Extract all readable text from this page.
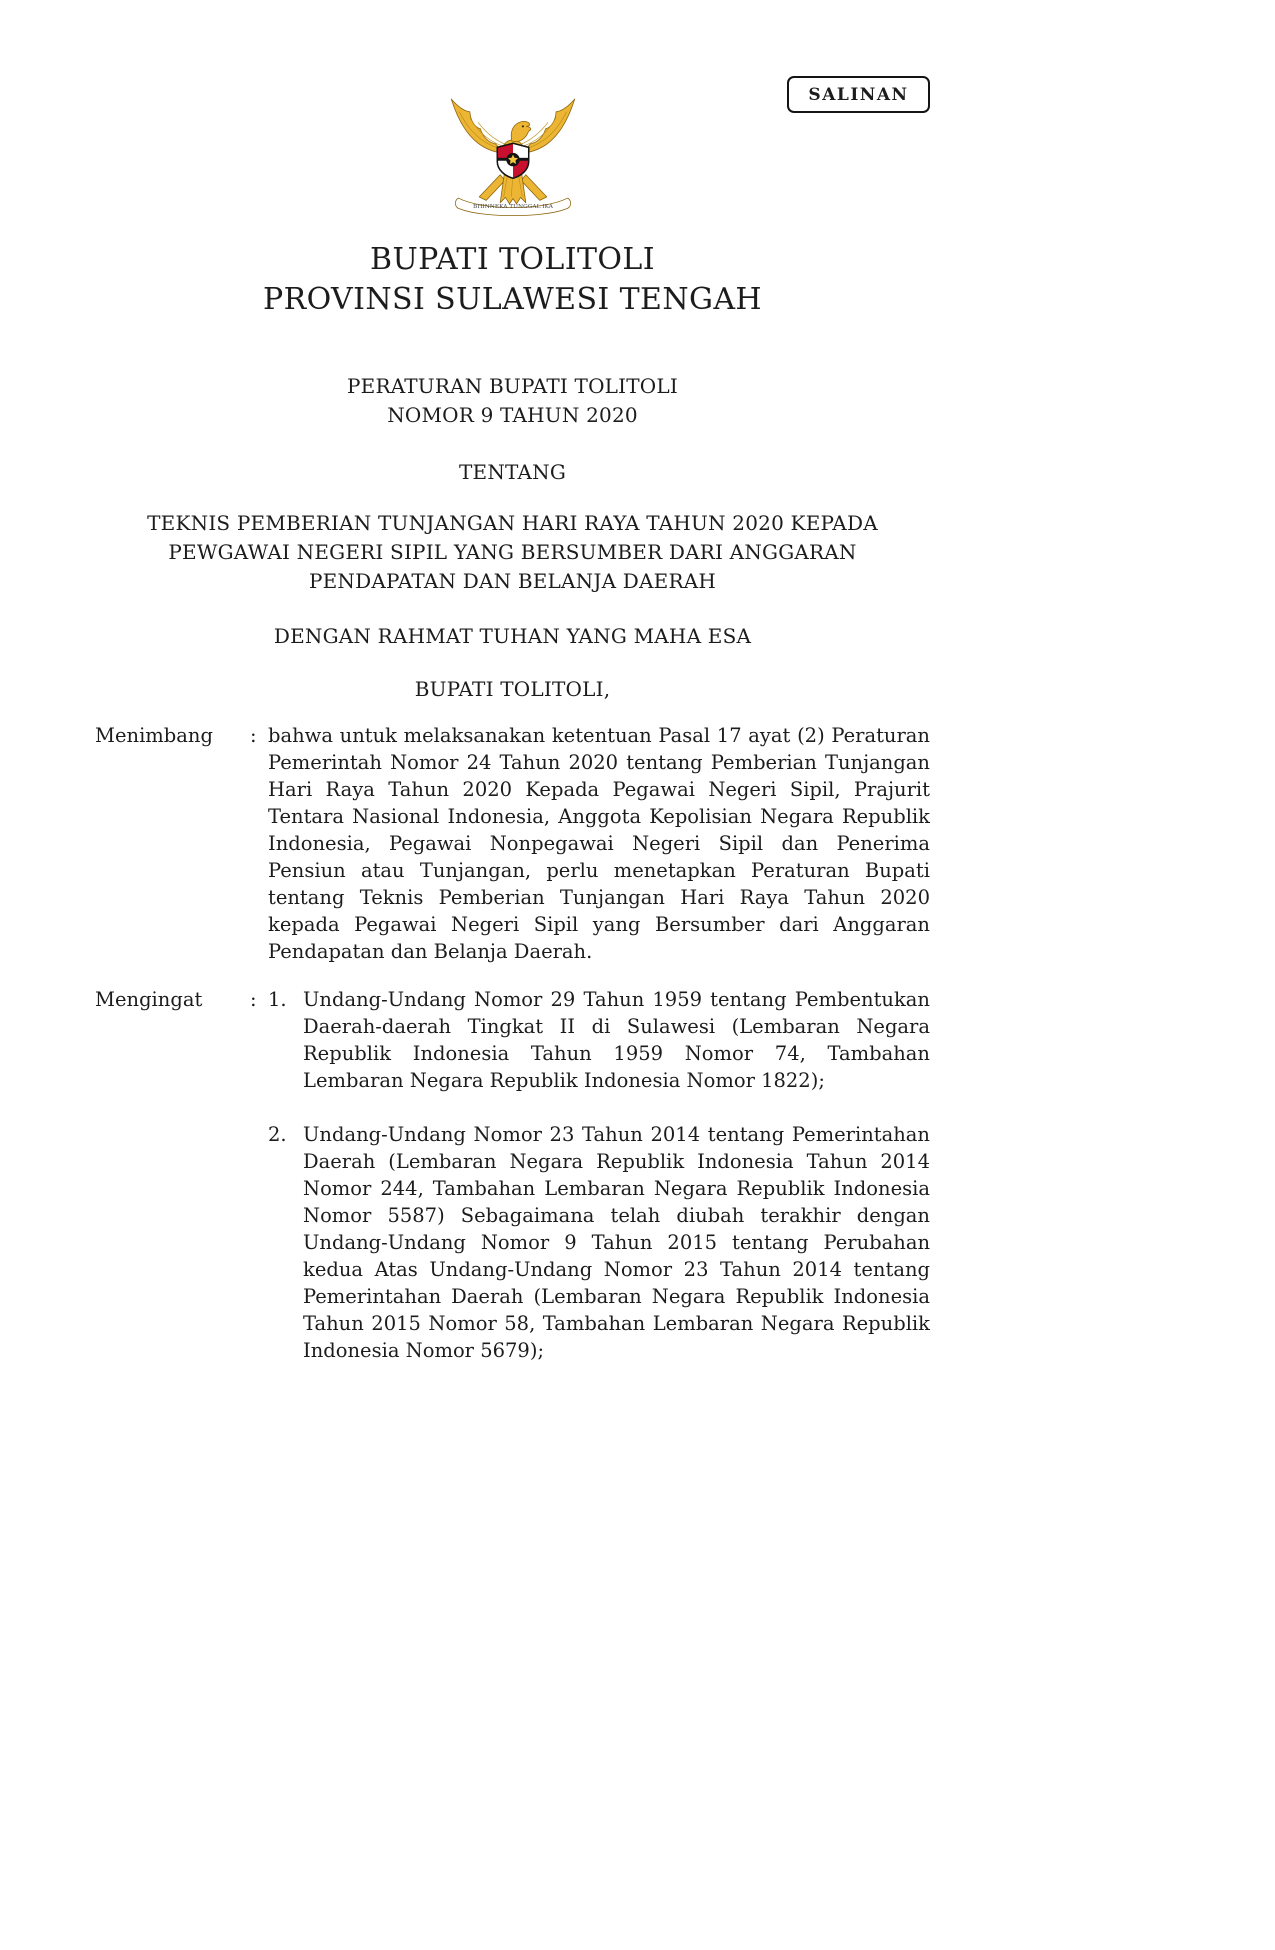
SALINAN
BHINNEKA TUNGGAL IKA
BUPATI TOLITOLI
PROVINSI SULAWESI TENGAH
PERATURAN BUPATI TOLITOLI
NOMOR 9 TAHUN 2020
TENTANG
TEKNIS PEMBERIAN TUNJANGAN HARI RAYA TAHUN 2020 KEPADA
PEWGAWAI NEGERI SIPIL YANG BERSUMBER DARI ANGGARAN
PENDAPATAN DAN BELANJA DAERAH
DENGAN RAHMAT TUHAN YANG MAHA ESA
BUPATI TOLITOLI,
Menimbang	: bahwa untuk melaksanakan ketentuan Pasal 17 ayat (2) Peraturan Pemerintah Nomor 24 Tahun 2020 tentang Pemberian Tunjangan Hari Raya Tahun 2020 Kepada Pegawai Negeri Sipil, Prajurit Tentara Nasional Indonesia, Anggota Kepolisian Negara Republik Indonesia, Pegawai Nonpegawai Negeri Sipil dan Penerima Pensiun atau Tunjangan, perlu menetapkan Peraturan Bupati tentang Teknis Pemberian Tunjangan Hari Raya Tahun 2020 kepada Pegawai Negeri Sipil yang Bersumber dari Anggaran Pendapatan dan Belanja Daerah.
Mengingat	: 1. Undang-Undang Nomor 29 Tahun 1959 tentang Pembentukan Daerah-daerah Tingkat II di Sulawesi (Lembaran Negara Republik Indonesia Tahun 1959 Nomor 74, Tambahan Lembaran Negara Republik Indonesia Nomor 1822);
2. Undang-Undang Nomor 23 Tahun 2014 tentang Pemerintahan Daerah (Lembaran Negara Republik Indonesia Tahun 2014 Nomor 244, Tambahan Lembaran Negara Republik Indonesia Nomor 5587) Sebagaimana telah diubah terakhir dengan Undang-Undang Nomor 9 Tahun 2015 tentang Perubahan kedua Atas Undang-Undang Nomor 23 Tahun 2014 tentang Pemerintahan Daerah (Lembaran Negara Republik Indonesia Tahun 2015 Nomor 58, Tambahan Lembaran Negara Republik Indonesia Nomor 5679);
